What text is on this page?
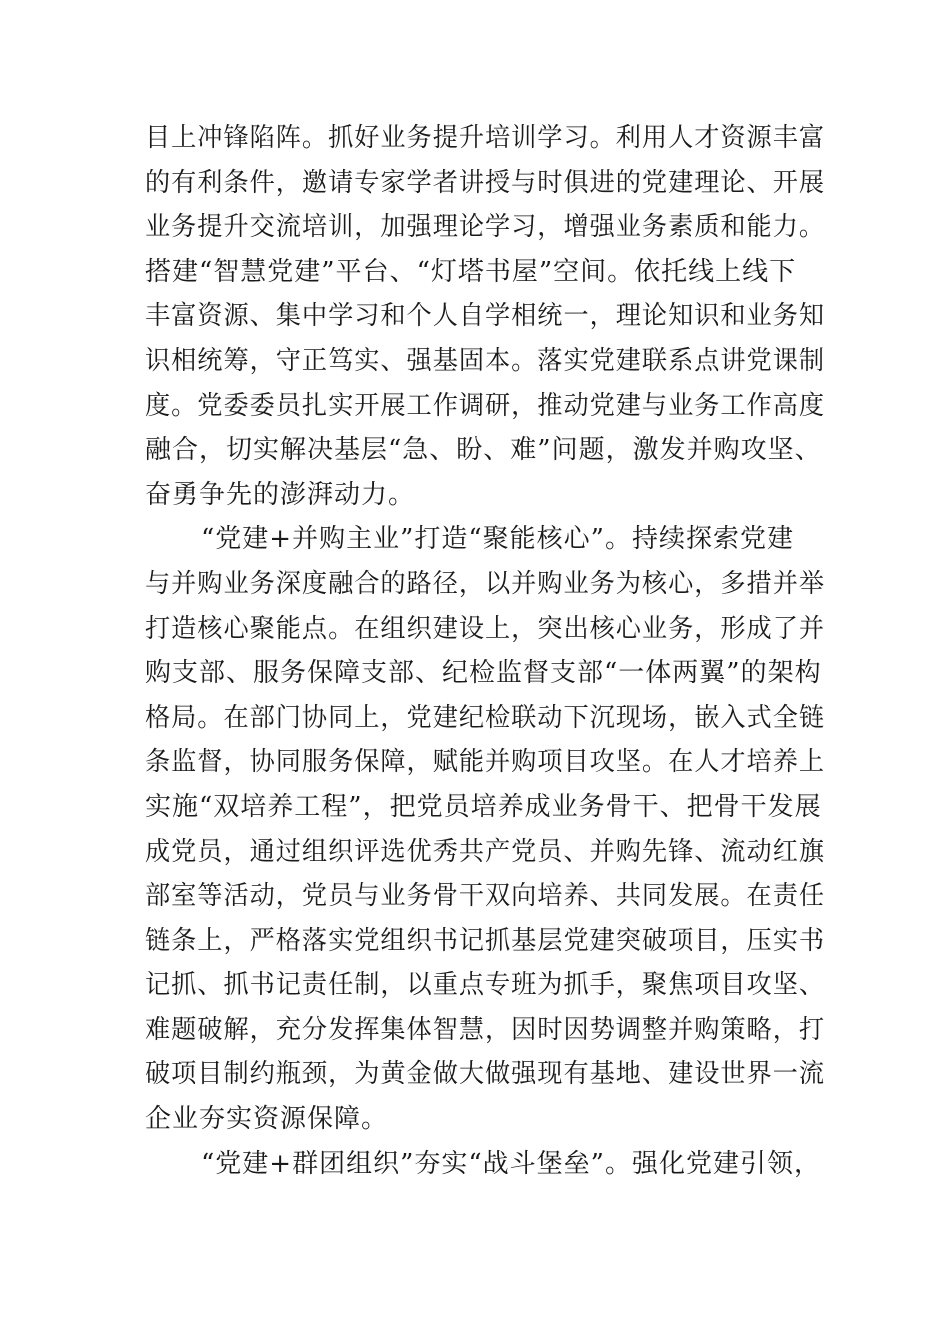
目上冲锋陷阵。抓好业务提升培训学习。利用人才资源丰富
的有利条件，邀请专家学者讲授与时俱进的党建理论、开展
业务提升交流培训，加强理论学习，增强业务素质和能力。
搭建“智慧党建”平台、“灯塔书屋”空间。依托线上线下
丰富资源、集中学习和个人自学相统一，理论知识和业务知
识相统筹，守正笃实、强基固本。落实党建联系点讲党课制
度。党委委员扎实开展工作调研，推动党建与业务工作高度
融合，切实解决基层“急、盼、难”问题，激发并购攻坚、
奋勇争先的澎湃动力。
“党建+并购主业”打造“聚能核心”。持续探索党建
与并购业务深度融合的路径，以并购业务为核心，多措并举
打造核心聚能点。在组织建设上，突出核心业务，形成了并
购支部、服务保障支部、纪检监督支部“一体两翼”的架构
格局。在部门协同上，党建纪检联动下沉现场，嵌入式全链
条监督，协同服务保障，赋能并购项目攻坚。在人才培养上
实施“双培养工程”，把党员培养成业务骨干、把骨干发展
成党员，通过组织评选优秀共产党员、并购先锋、流动红旗
部室等活动，党员与业务骨干双向培养、共同发展。在责任
链条上，严格落实党组织书记抓基层党建突破项目，压实书
记抓、抓书记责任制，以重点专班为抓手，聚焦项目攻坚、
难题破解，充分发挥集体智慧，因时因势调整并购策略，打
破项目制约瓶颈，为黄金做大做强现有基地、建设世界一流
企业夯实资源保障。
“党建+群团组织”夯实“战斗堡垒”。强化党建引领，
